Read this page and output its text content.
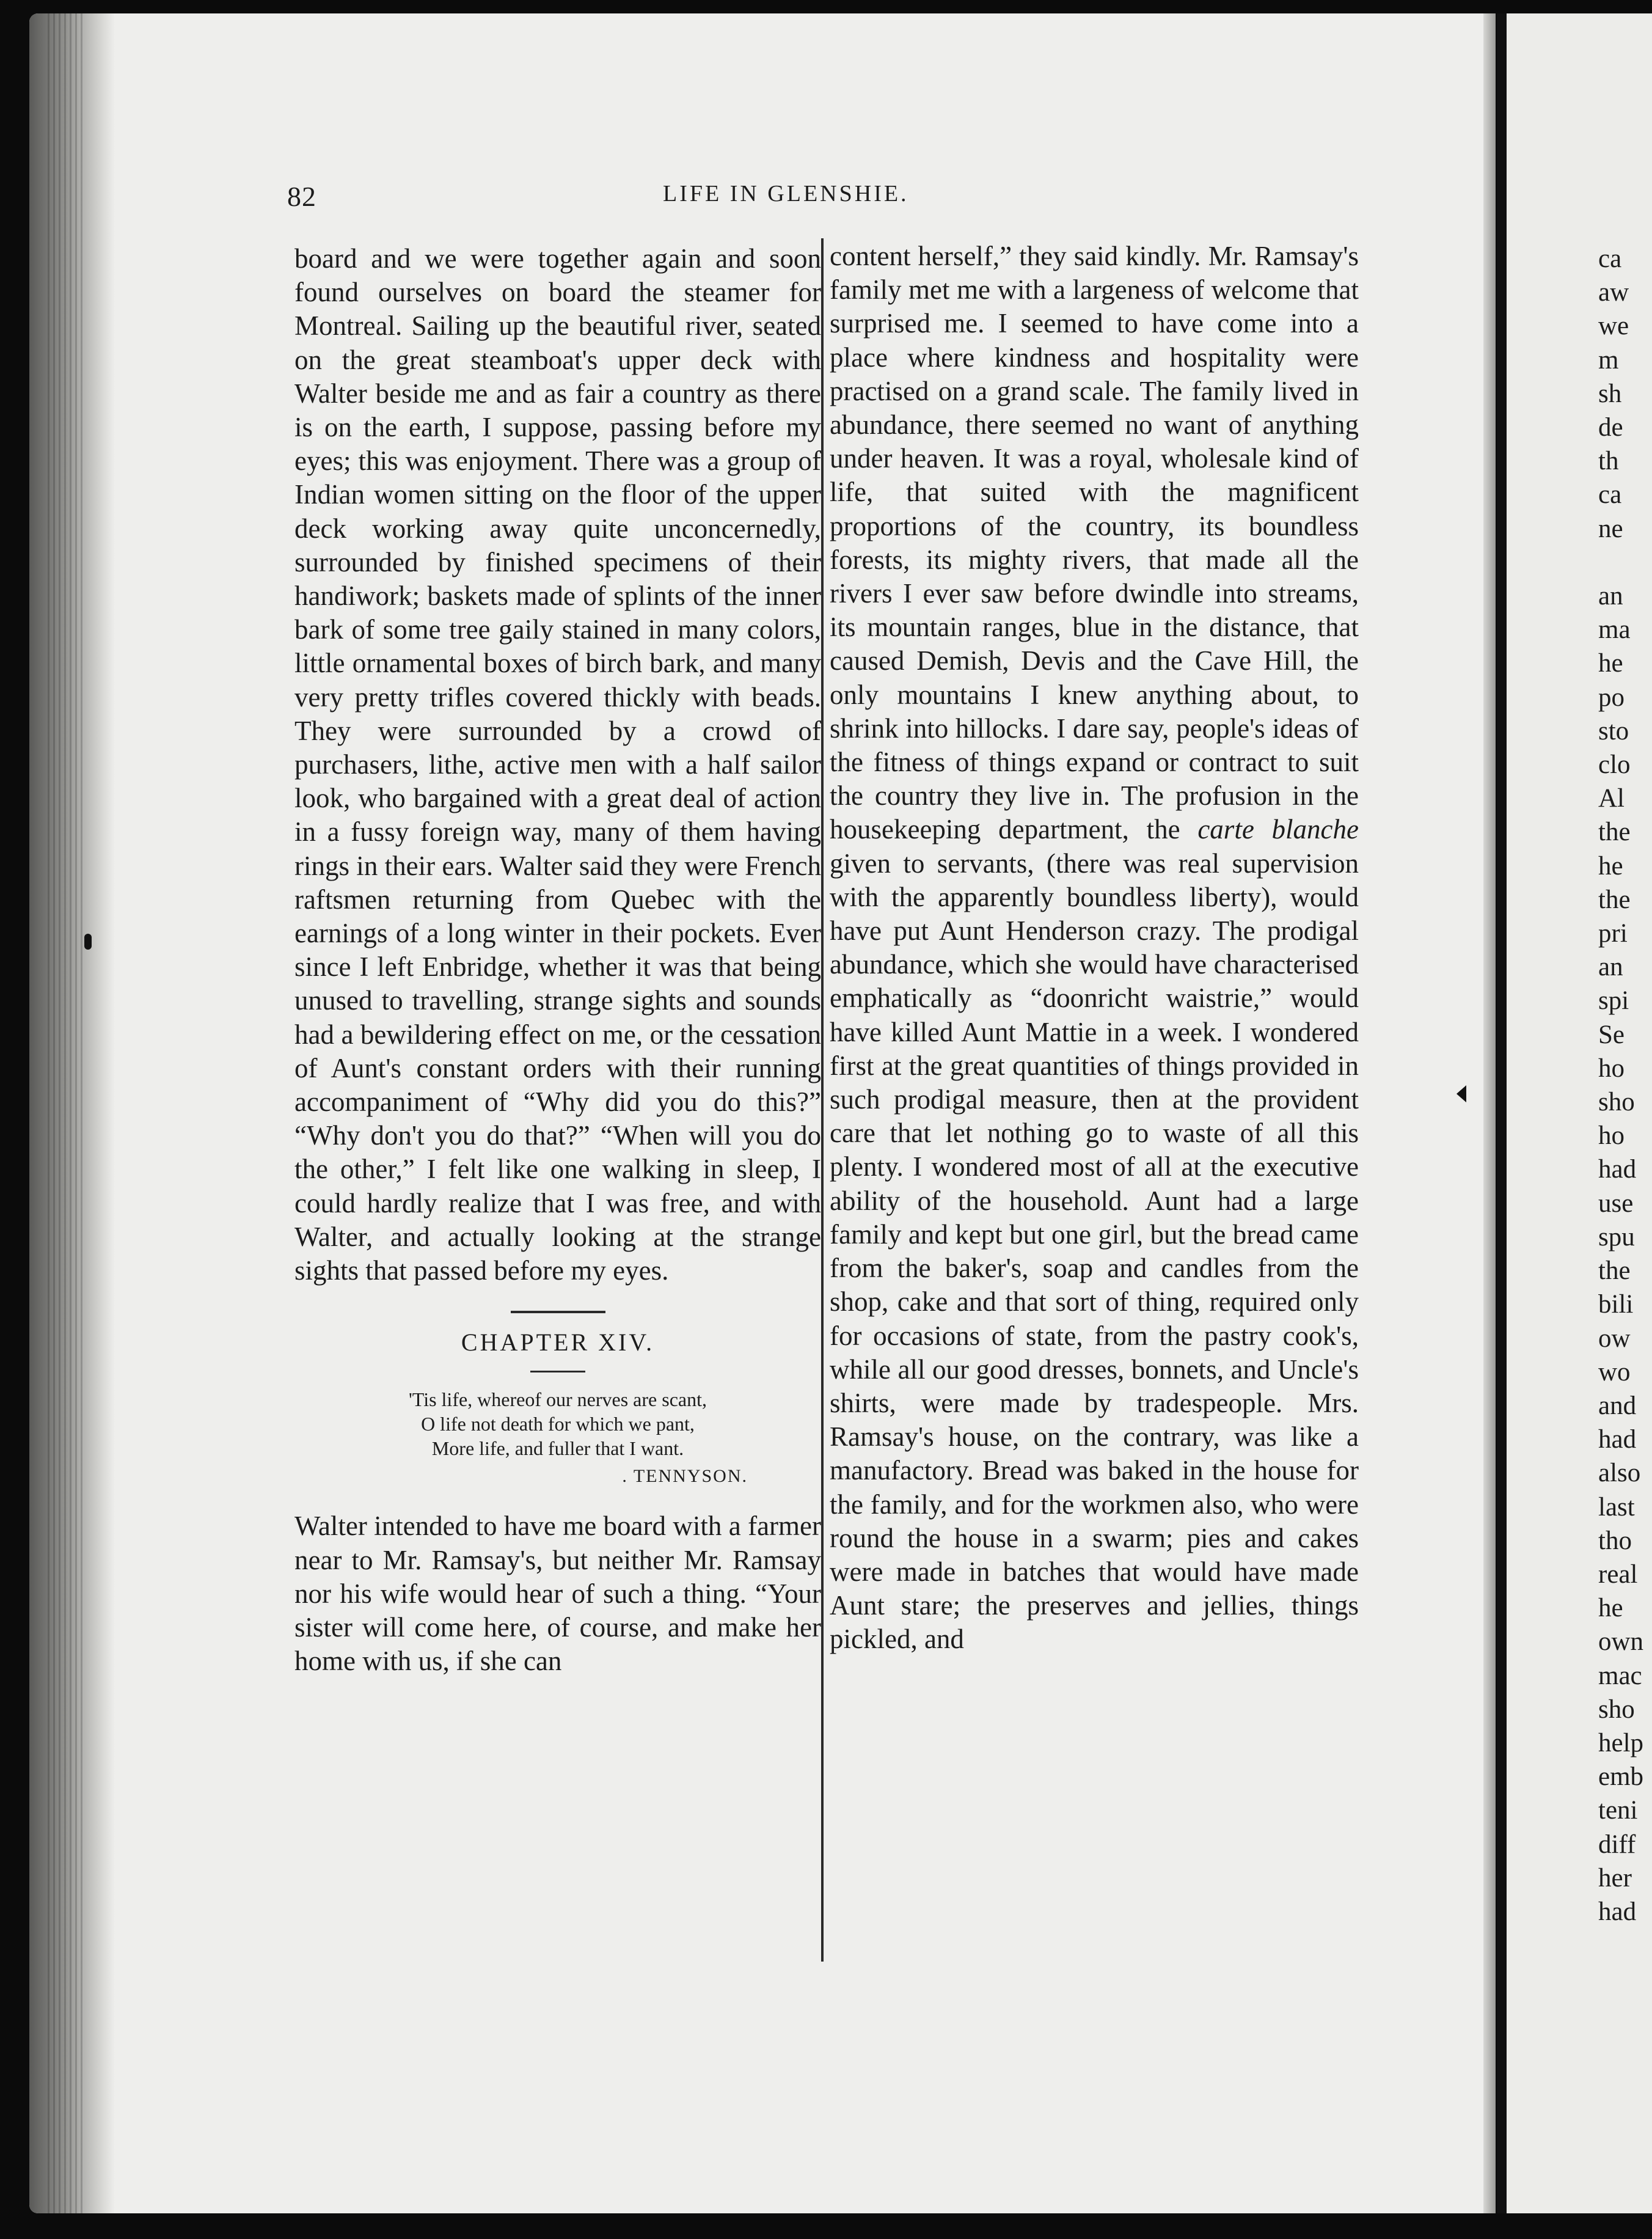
82	LIFE IN GLENSHIE.

board and we were together again and soon found ourselves on board the steamer for Montreal. Sailing up the beautiful river, seated on the great steamboat's upper deck with Walter beside me and as fair a country as there is on the earth, I suppose, passing before my eyes; this was enjoyment. There was a group of Indian women sitting on the floor of the upper deck working away quite unconcernedly, surrounded by finished specimens of their handiwork; baskets made of splints of the inner bark of some tree gaily stained in many colors, little ornamental boxes of birch bark, and many very pretty trifles covered thickly with beads. They were surrounded by a crowd of purchasers, lithe, active men with a half sailor look, who bargained with a great deal of action in a fussy foreign way, many of them having rings in their ears. Walter said they were French raftsmen returning from Quebec with the earnings of a long winter in their pockets. Ever since I left Enbridge, whether it was that being unused to travelling, strange sights and sounds had a bewildering effect on me, or the cessation of Aunt's constant orders with their running accompaniment of “Why did you do this?” “Why don't you do that?” “When will you do the other,” I felt like one walking in sleep, I could hardly realize that I was free, and with Walter, and actually looking at the strange sights that passed before my eyes.

CHAPTER XIV.

'Tis life, whereof our nerves are scant,
O life not death for which we pant,
More life, and fuller that I want.
. TENNYSON.

Walter intended to have me board with a farmer near to Mr. Ramsay's, but neither Mr. Ramsay nor his wife would hear of such a thing. “Your sister will come here, of course, and make her home with us, if she can

content herself,” they said kindly. Mr. Ramsay's family met me with a largeness of welcome that surprised me. I seemed to have come into a place where kindness and hospitality were practised on a grand scale. The family lived in abundance, there seemed no want of anything under heaven. It was a royal, wholesale kind of life, that suited with the magnificent proportions of the country, its boundless forests, its mighty rivers, that made all the rivers I ever saw before dwindle into streams, its mountain ranges, blue in the distance, that caused Demish, Devis and the Cave Hill, the only mountains I knew anything about, to shrink into hillocks. I dare say, people's ideas of the fitness of things expand or contract to suit the country they live in. The profusion in the housekeeping department, the carte blanche given to servants, (there was real supervision with the apparently boundless liberty), would have put Aunt Henderson crazy. The prodigal abundance, which she would have characterised emphatically as “doonricht waistrie,” would have killed Aunt Mattie in a week. I wondered first at the great quantities of things provided in such prodigal measure, then at the provident care that let nothing go to waste of all this plenty. I wondered most of all at the executive ability of the household. Aunt had a large family and kept but one girl, but the bread came from the baker's, soap and candles from the shop, cake and that sort of thing, required only for occasions of state, from the pastry cook's, while all our good dresses, bonnets, and Uncle's shirts, were made by tradespeople. Mrs. Ramsay's house, on the contrary, was like a manufactory. Bread was baked in the house for the family, and for the workmen also, who were round the house in a swarm; pies and cakes were made in batches that would have made Aunt stare; the preserves and jellies, things pickled, and

ca
aw
we
m
sh
de
th
ca
ne

an
ma
he
po
sto
clo
Al
the
he
the
pri
an
spi
Se
ho
sho
ho
had
use
spu
the
bili
ow
wo
and
had
also
last
tho
real
he
own
mac
sho
help
emb
teni
diff
her
had
